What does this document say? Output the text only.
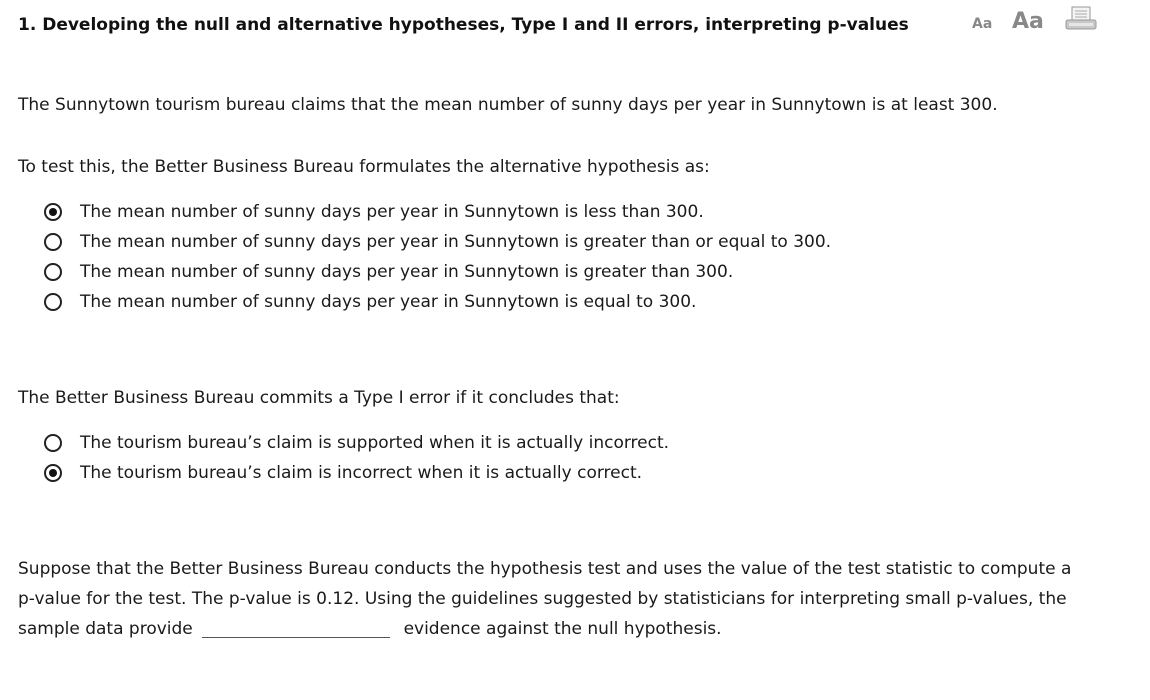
1. Developing the null and alternative hypotheses, Type I and II errors, interpreting p-values	Aa Aa
The Sunnytown tourism bureau claims that the mean number of sunny days per year in Sunnytown is at least 300.
To test this, the Better Business Bureau formulates the alternative hypothesis as:
The mean number of sunny days per year in Sunnytown is less than 300.
The mean number of sunny days per year in Sunnytown is greater than or equal to 300.
The mean number of sunny days per year in Sunnytown is greater than 300.
The mean number of sunny days per year in Sunnytown is equal to 300.
The Better Business Bureau commits a Type I error if it concludes that:
The tourism bureau’s claim is supported when it is actually incorrect.
The tourism bureau’s claim is incorrect when it is actually correct.
Suppose that the Better Business Bureau conducts the hypothesis test and uses the value of the test statistic to compute a p-value for the test. The p-value is 0.12. Using the guidelines suggested by statisticians for interpreting small p-values, the sample data provide	evidence against the null hypothesis.
